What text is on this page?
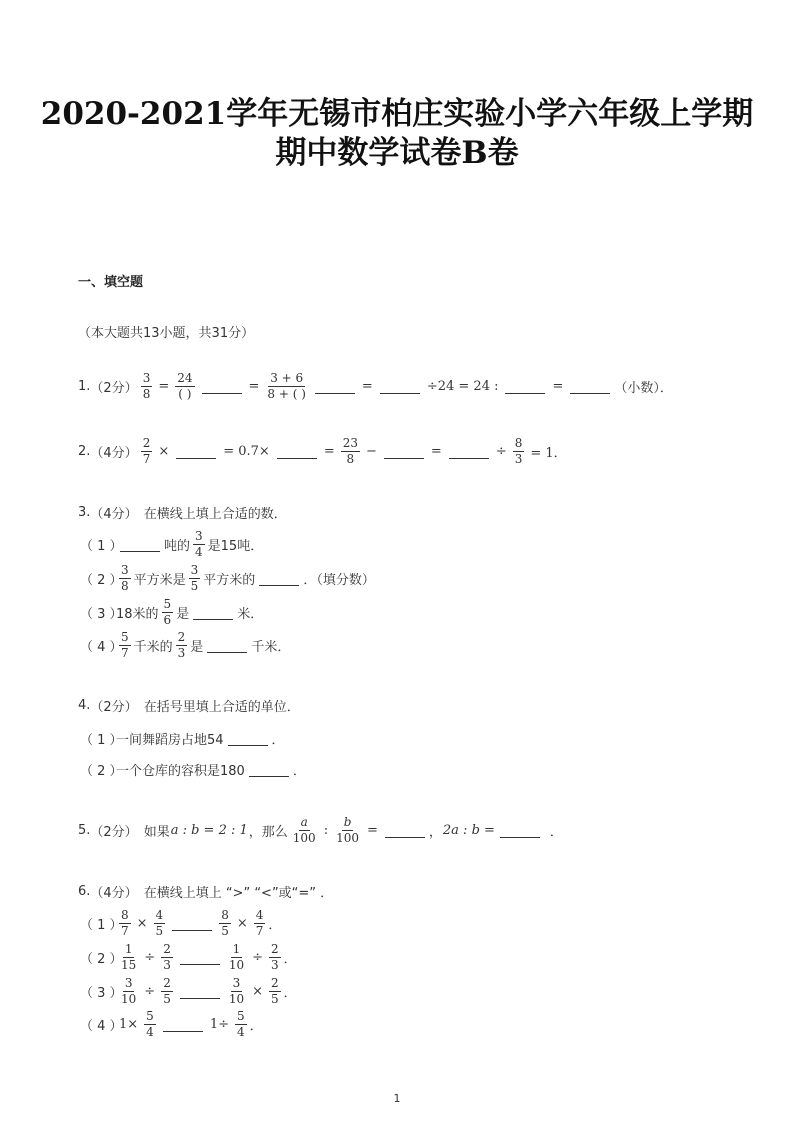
2020-2021学年无锡市柏庄实验小学六年级上学期
期中数学试卷B卷
一、填空题
（本大题共13小题，共31分）
1. （2分） $\frac{3}{8} = \frac{24}{( )}$	= $\frac{3 + 6}{8 + ( )}$	=	÷24 = 24 :	=	（小数）．
2. （4分） $\frac{2}{7}$ ×	= 0.7×	= $\frac{23}{8}$ −	=	÷ $\frac{8}{3} = 1$．
3. （4分） 在横线上填上合适的数．
（ 1 ）	吨的 $\frac{3}{4}$ 是15吨．
（ 2 ）
$\frac{3}{8}$ 平方米是 $\frac{3}{5}$ 平方米的	．（填分数）
（ 3 ）
18米的 $\frac{5}{6}$ 是	米．
（ 4 ）
$\frac{5}{7}$ 千米的 $\frac{2}{3}$ 是	千米．
4. （2分） 在括号里填上合适的单位．
（ 1 ）
一间舞蹈房占地54	．
（ 2 ）
一个仓库的容积是180	．
5. （2分） 如果 a : b = 2 : 1 ，那么 $\frac{a}{100}$ : $\frac{b}{100}$ =	， 2a : b =	．
6. （4分） 在横线上填上 “>” “<”或“=” ．
（ 1 ）
$\frac{8}{7} \times \frac{4}{5}$	$\frac{8}{5} \times \frac{4}{7}$ ．
（ 2 ）
$\frac{1}{15} \div \frac{2}{3}$	$\frac{1}{10} \div \frac{2}{3}$ ．
（ 3 ）
$\frac{3}{10} \div \frac{2}{5}$	$\frac{3}{10} \times \frac{2}{5}$ ．
（ 4 ）
$1\times \frac{5}{4}$	$1\div \frac{5}{4}$ ．
1
